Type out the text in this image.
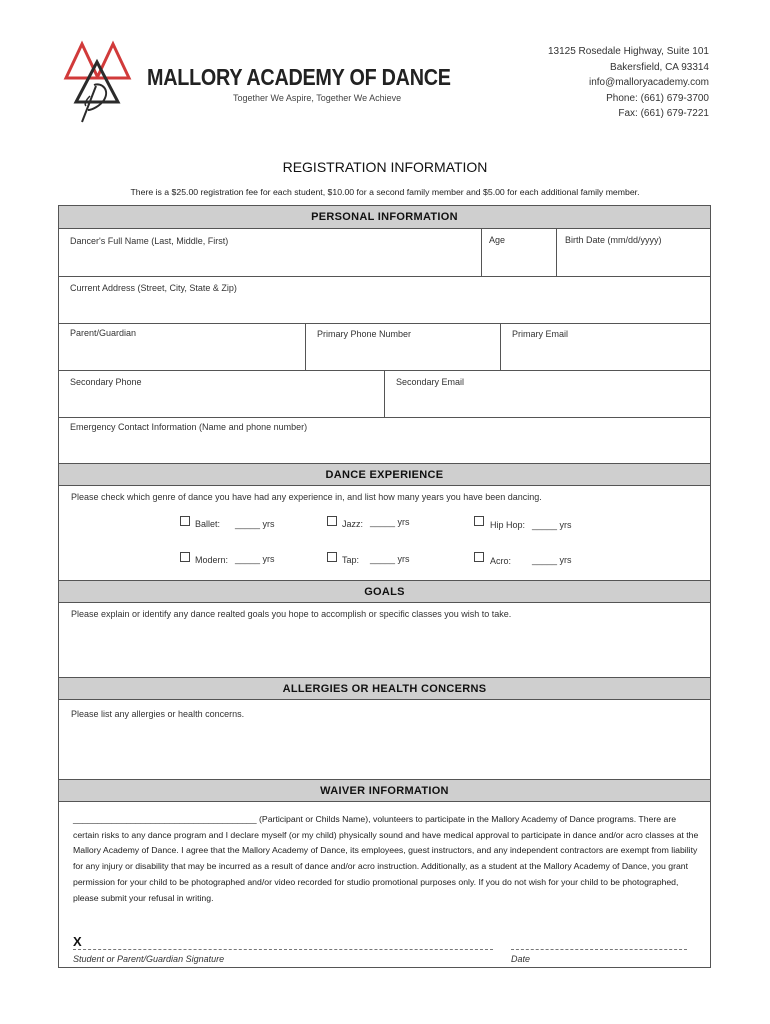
MALLORY ACADEMY OF DANCE
Together We Aspire, Together We Achieve
13125 Rosedale Highway, Suite 101
Bakersfield, CA 93314
info@malloryacademy.com
Phone: (661) 679-3700
Fax: (661) 679-7221
REGISTRATION INFORMATION
There is a $25.00 registration fee for each student, $10.00 for a second family member and $5.00 for each additional family member.
PERSONAL INFORMATION
Dancer's Full Name (Last, Middle, First)	Age	Birth Date (mm/dd/yyyy)
Current Address (Street, City, State & Zip)
Parent/Guardian	Primary Phone Number	Primary Email
Secondary Phone	Secondary Email
Emergency Contact Information (Name and phone number)
DANCE EXPERIENCE
Please check which genre of dance you have had any experience in, and list how many years you have been dancing.
Ballet: _____ yrs	Jazz: _____ yrs	Hip Hop: _____ yrs
Modern: _____ yrs	Tap: _____ yrs	Acro: _____ yrs
GOALS
Please explain or identify any dance realted goals you hope to accomplish or specific classes you wish to take.
ALLERGIES OR HEALTH CONCERNS
Please list any allergies or health concerns.
WAIVER INFORMATION
______________________________________ (Participant or Childs Name), volunteers to participate in the Mallory Academy of Dance programs. There are certain risks to any dance program and I declare myself (or my child) physically sound and have medical approval to participate in dance and/or acro classes at the Mallory Academy of Dance. I agree that the Mallory Academy of Dance, its employees, guest instructors, and any independent contractors are exempt from liability for any injury or disability that may be incurred as a result of dance and/or acro instruction. Additionally, as a student at the Mallory Academy of Dance, you grant permission for your child to be photographed and/or video recorded for studio promotional purposes only. If you do not wish for your child to be photographed, please submit your refusal in writing.
X
Student or Parent/Guardian Signature	Date
